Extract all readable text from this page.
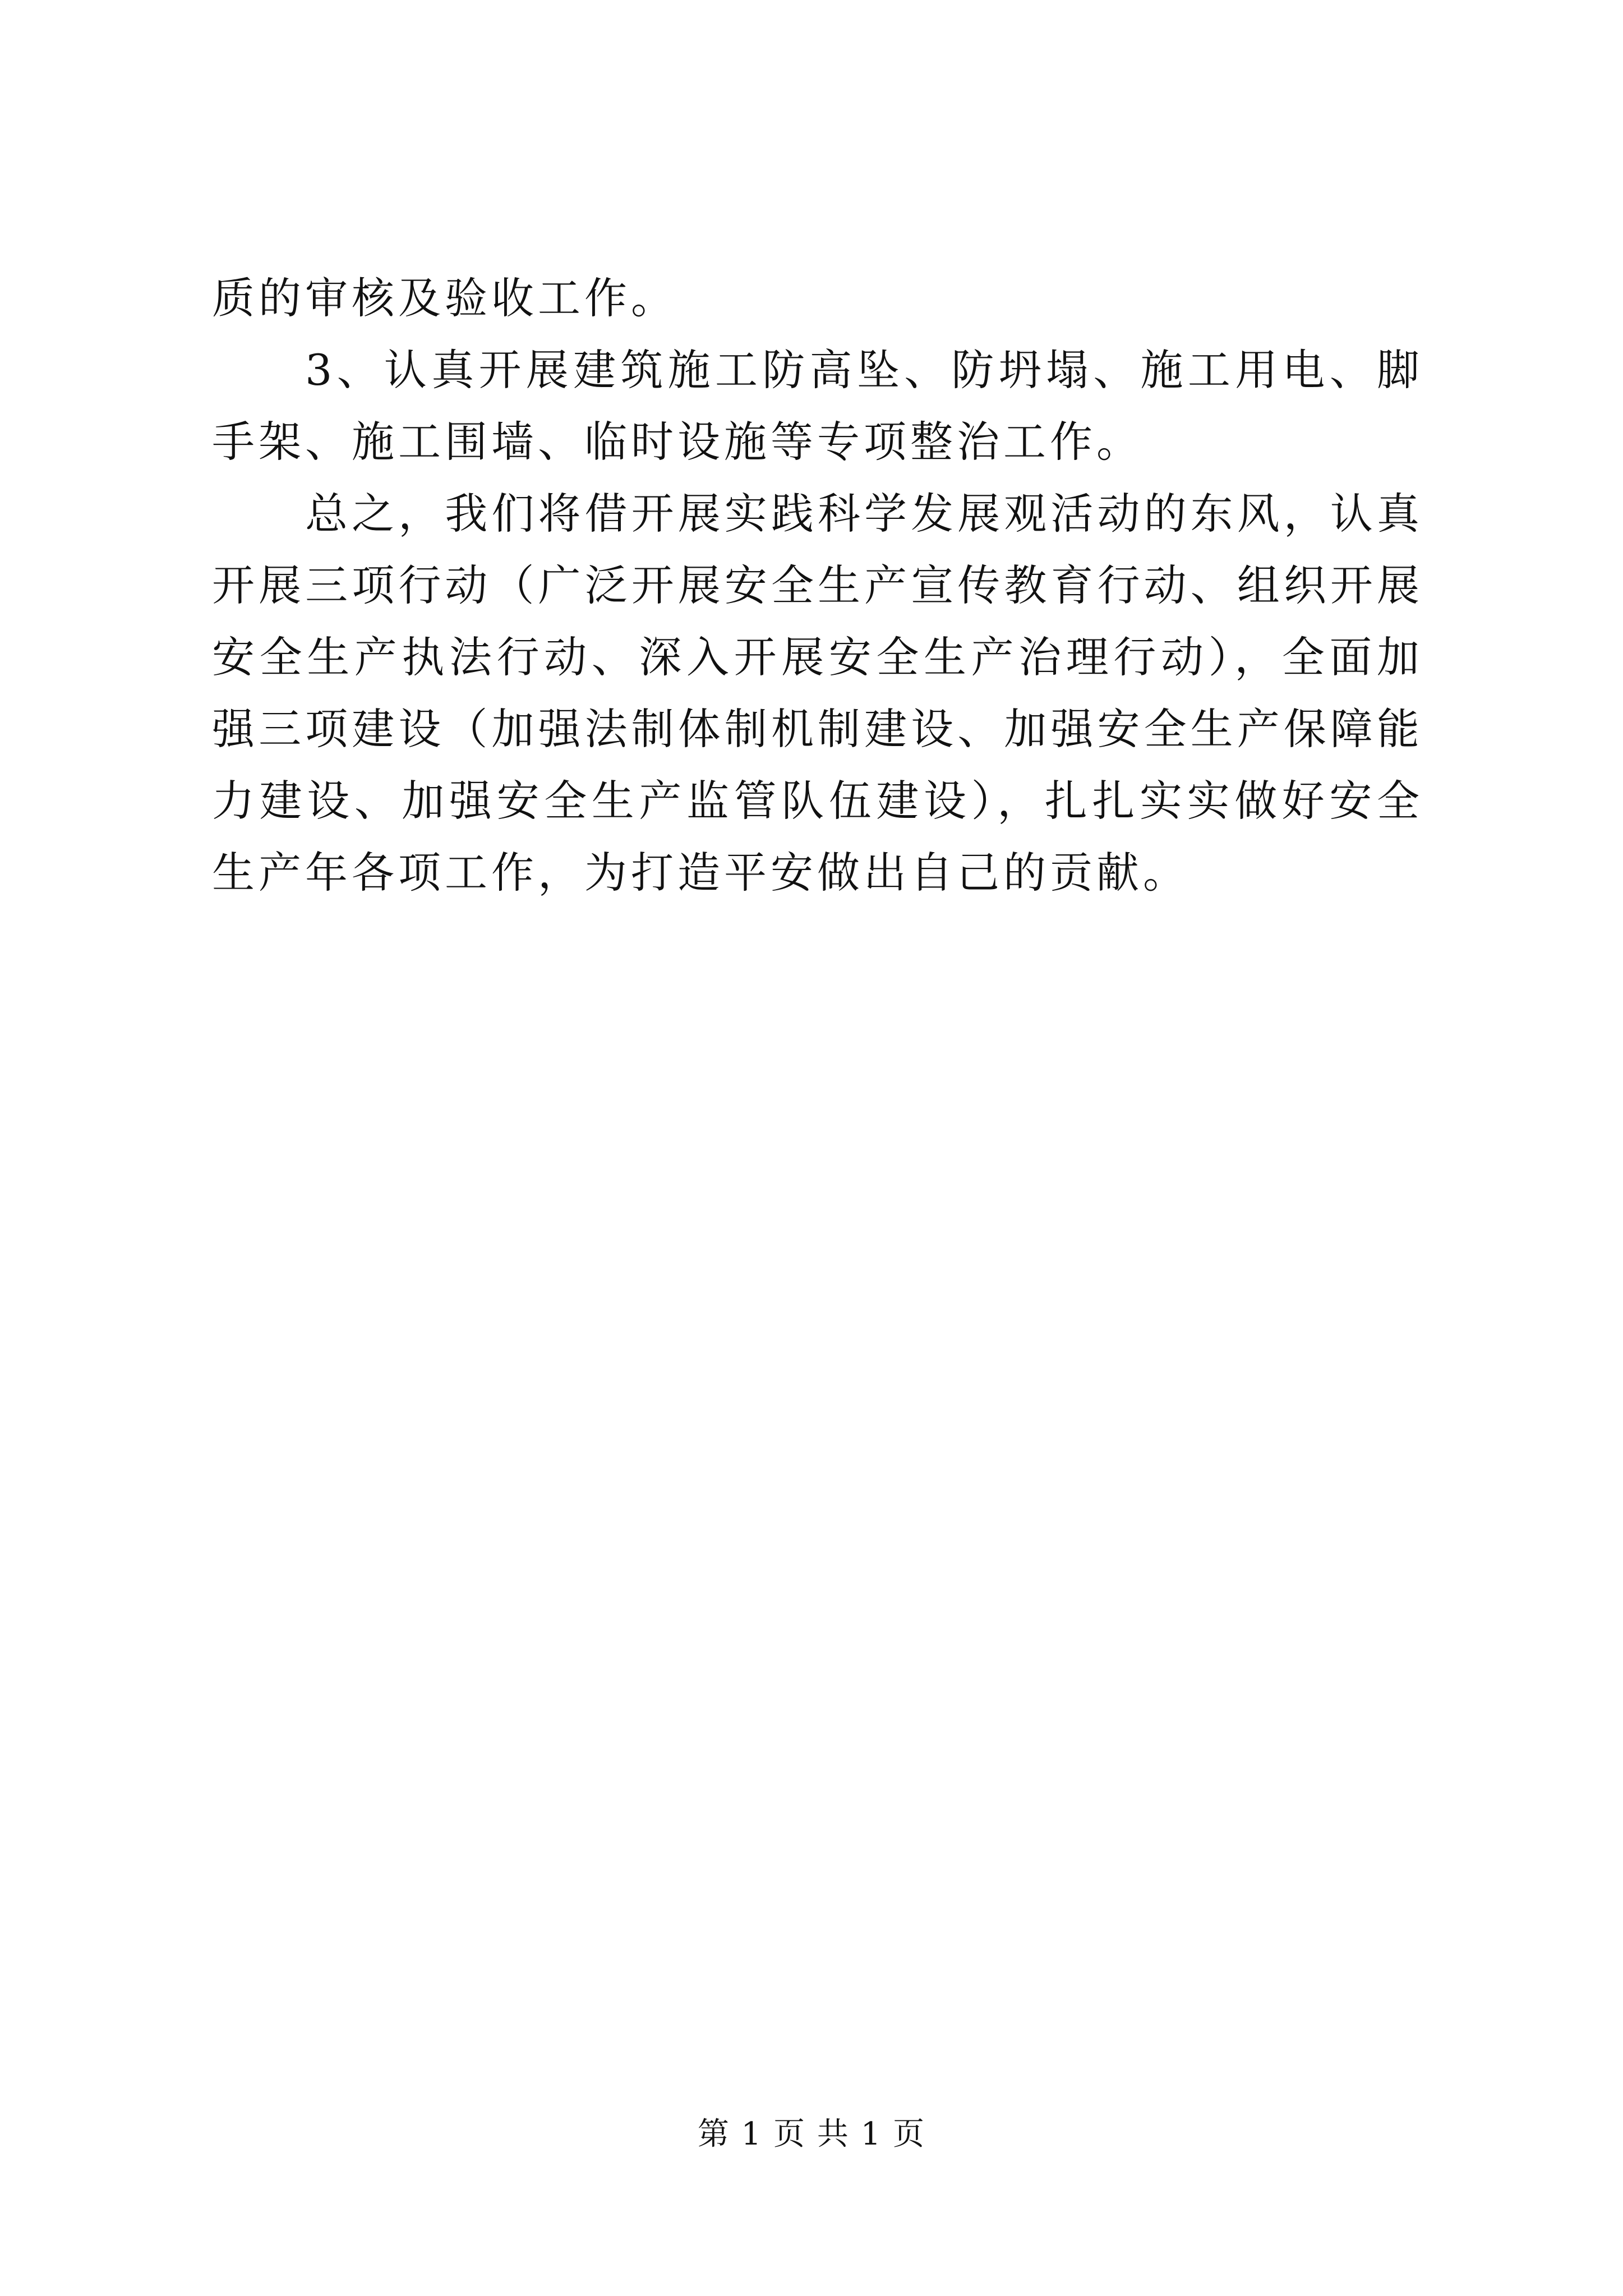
质的审核及验收工作。

3、认真开展建筑施工防高坠、防坍塌、施工用电、脚手架、施工围墙、临时设施等专项整治工作。

总之，我们将借开展实践科学发展观活动的东风，认真开展三项行动（广泛开展安全生产宣传教育行动、组织开展安全生产执法行动、深入开展安全生产治理行动），全面加强三项建设（加强法制体制机制建设、加强安全生产保障能力建设、加强安全生产监管队伍建设），扎扎实实做好安全生产年各项工作，为打造平安做出自己的贡献。

第 1 页 共 1 页
